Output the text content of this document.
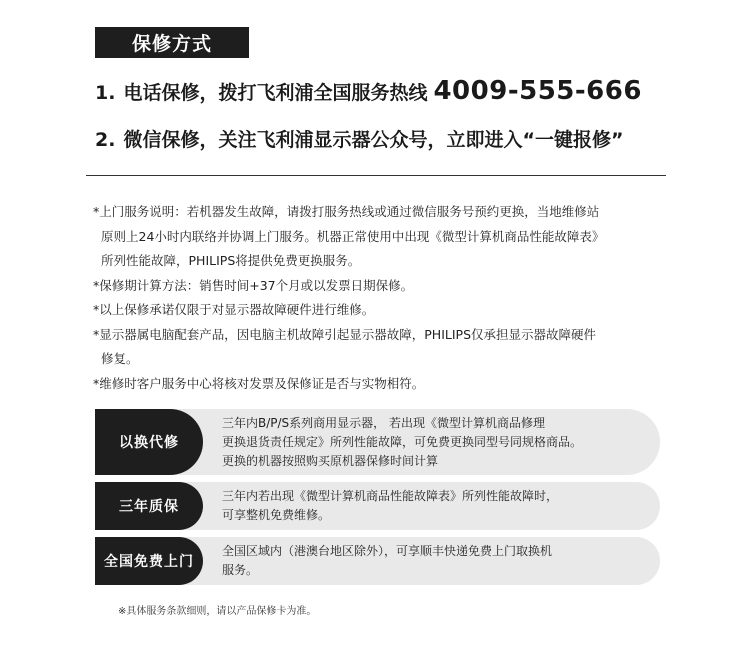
保修方式
1. 电话保修，拨打飞利浦全国服务热线 4009-555-666
2. 微信保修，关注飞利浦显示器公众号，立即进入“一键报修”
*上门服务说明：若机器发生故障，请拨打服务热线或通过微信服务号预约更换，当地维修站
原则上24小时内联络并协调上门服务。机器正常使用中出现《微型计算机商品性能故障表》
所列性能故障，PHILIPS将提供免费更换服务。
*保修期计算方法：销售时间+37个月或以发票日期保修。
*以上保修承诺仅限于对显示器故障硬件进行维修。
*显示器属电脑配套产品，因电脑主机故障引起显示器故障，PHILIPS仅承担显示器故障硬件
修复。
*维修时客户服务中心将核对发票及保修证是否与实物相符。
以换代修
三年内B/P/S系列商用显示器， 若出现《微型计算机商品修理
更换退货责任规定》所列性能故障，可免费更换同型号同规格商品。
更换的机器按照购买原机器保修时间计算
三年质保
三年内若出现《微型计算机商品性能故障表》所列性能故障时，
可享整机免费维修。
全国免费上门
全国区域内（港澳台地区除外），可享顺丰快递免费上门取换机
服务。
※具体服务条款细则，请以产品保修卡为准。
